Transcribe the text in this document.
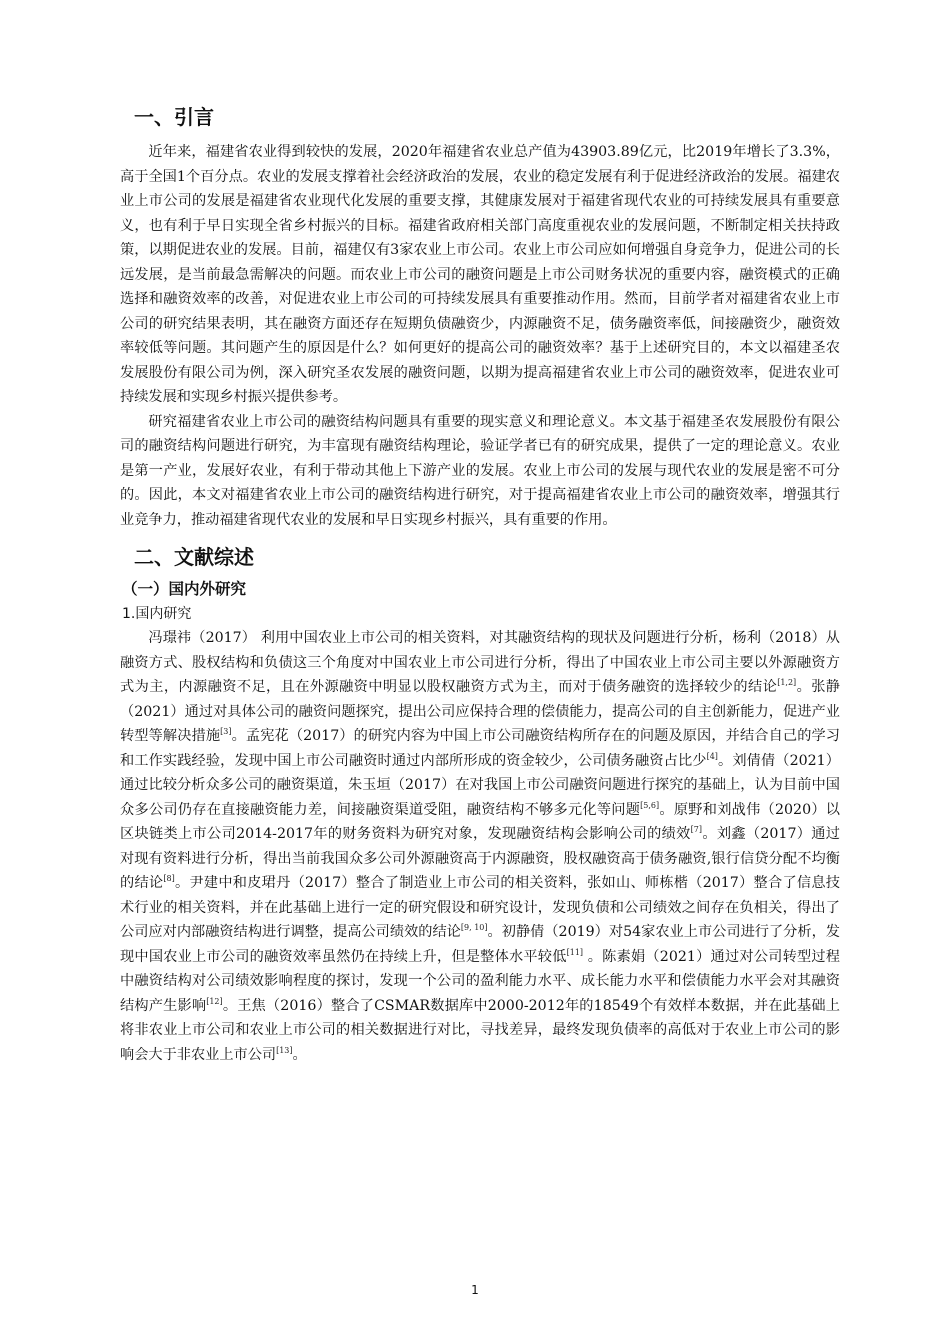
一、引言

近年来，福建省农业得到较快的发展，2020年福建省农业总产值为43903.89亿元，比2019年增长了3.3%，高于全国1个百分点。农业的发展支撑着社会经济政治的发展，农业的稳定发展有利于促进经济政治的发展。福建农业上市公司的发展是福建省农业现代化发展的重要支撑，其健康发展对于福建省现代农业的可持续发展具有重要意义，也有利于早日实现全省乡村振兴的目标。福建省政府相关部门高度重视农业的发展问题，不断制定相关扶持政策，以期促进农业的发展。目前，福建仅有3家农业上市公司。农业上市公司应如何增强自身竞争力，促进公司的长远发展，是当前最急需解决的问题。而农业上市公司的融资问题是上市公司财务状况的重要内容，融资模式的正确选择和融资效率的改善，对促进农业上市公司的可持续发展具有重要推动作用。然而，目前学者对福建省农业上市公司的研究结果表明，其在融资方面还存在短期负债融资少，内源融资不足，债务融资率低，间接融资少，融资效率较低等问题。其问题产生的原因是什么？如何更好的提高公司的融资效率？基于上述研究目的，本文以福建圣农发展股份有限公司为例，深入研究圣农发展的融资问题，以期为提高福建省农业上市公司的融资效率，促进农业可持续发展和实现乡村振兴提供参考。

研究福建省农业上市公司的融资结构问题具有重要的现实意义和理论意义。本文基于福建圣农发展股份有限公司的融资结构问题进行研究，为丰富现有融资结构理论，验证学者已有的研究成果，提供了一定的理论意义。农业是第一产业，发展好农业，有利于带动其他上下游产业的发展。农业上市公司的发展与现代农业的发展是密不可分的。因此，本文对福建省农业上市公司的融资结构进行研究，对于提高福建省农业上市公司的融资效率，增强其行业竞争力，推动福建省现代农业的发展和早日实现乡村振兴，具有重要的作用。

二、文献综述
（一）国内外研究
1.国内研究

冯璟祎（2017） 利用中国农业上市公司的相关资料，对其融资结构的现状及问题进行分析，杨利（2018）从融资方式、股权结构和负债这三个角度对中国农业上市公司进行分析，得出了中国农业上市公司主要以外源融资方式为主，内源融资不足，且在外源融资中明显以股权融资方式为主，而对于债务融资的选择较少的结论[1,2]。张静（2021）通过对具体公司的融资问题探究，提出公司应保持合理的偿债能力，提高公司的自主创新能力，促进产业转型等解决措施[3]。孟宪花（2017）的研究内容为中国上市公司融资结构所存在的问题及原因，并结合自己的学习和工作实践经验，发现中国上市公司融资时通过内部所形成的资金较少，公司债务融资占比少[4]。刘倩倩（2021）通过比较分析众多公司的融资渠道，朱玉垣（2017）在对我国上市公司融资问题进行探究的基础上，认为目前中国众多公司仍存在直接融资能力差，间接融资渠道受阻，融资结构不够多元化等问题[5,6]。原野和刘战伟（2020）以区块链类上市公司2014-2017年的财务资料为研究对象，发现融资结构会影响公司的绩效[7]。刘鑫（2017）通过对现有资料进行分析，得出当前我国众多公司外源融资高于内源融资，股权融资高于债务融资,银行信贷分配不均衡的结论[8]。尹建中和皮珺丹（2017）整合了制造业上市公司的相关资料，张如山、师栋楷（2017）整合了信息技术行业的相关资料，并在此基础上进行一定的研究假设和研究设计，发现负债和公司绩效之间存在负相关，得出了公司应对内部融资结构进行调整，提高公司绩效的结论[9, 10]。初静倩（2019）对54家农业上市公司进行了分析，发现中国农业上市公司的融资效率虽然仍在持续上升，但是整体水平较低[11] 。陈素娟（2021）通过对公司转型过程中融资结构对公司绩效影响程度的探讨，发现一个公司的盈利能力水平、成长能力水平和偿债能力水平会对其融资结构产生影响[12]。王焦（2016）整合了CSMAR数据库中2000-2012年的18549个有效样本数据，并在此基础上将非农业上市公司和农业上市公司的相关数据进行对比，寻找差异，最终发现负债率的高低对于农业上市公司的影响会大于非农业上市公司[13]。

1
